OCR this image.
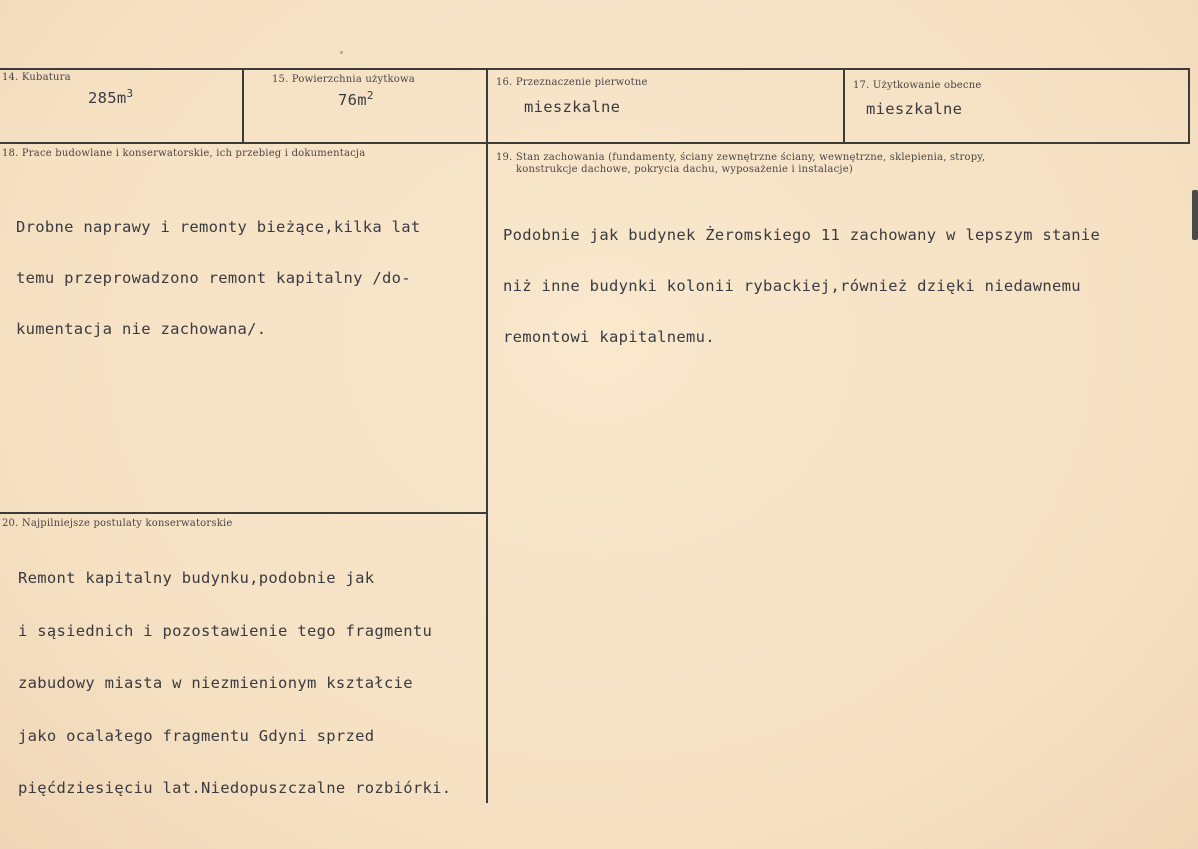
14. Kubatura
$285m^3$
15. Powierzchnia użytkowa
$76m^2$
16. Przeznaczenie pierwotne
mieszkalne
17. Użytkowanie obecne
mieszkalne
18. Prace budowlane i konserwatorskie, ich przebieg i dokumentacja

Drobne naprawy i remonty bieżące,kilka lat

temu przeprowadzono remont kapitalny /do-

kumentacja nie zachowana/.

19. Stan zachowania (fundamenty, ściany zewnętrzne ściany, wewnętrzne, sklepienia, stropy,
konstrukcje dachowe, pokrycia dachu, wyposażenie i instalacje)

Podobnie jak budynek Żeromskiego 11 zachowany w lepszym stanie

niż inne budynki kolonii rybackiej,również dzięki niedawnemu

remontowi kapitalnemu.

20. Najpilniejsze postulaty konserwatorskie

Remont kapitalny budynku,podobnie jak

i sąsiednich i pozostawienie tego fragmentu

zabudowy miasta w niezmienionym kształcie

jako ocalałego fragmentu Gdyni sprzed

pięćdziesięciu lat.Niedopuszczalne rozbiórki.
